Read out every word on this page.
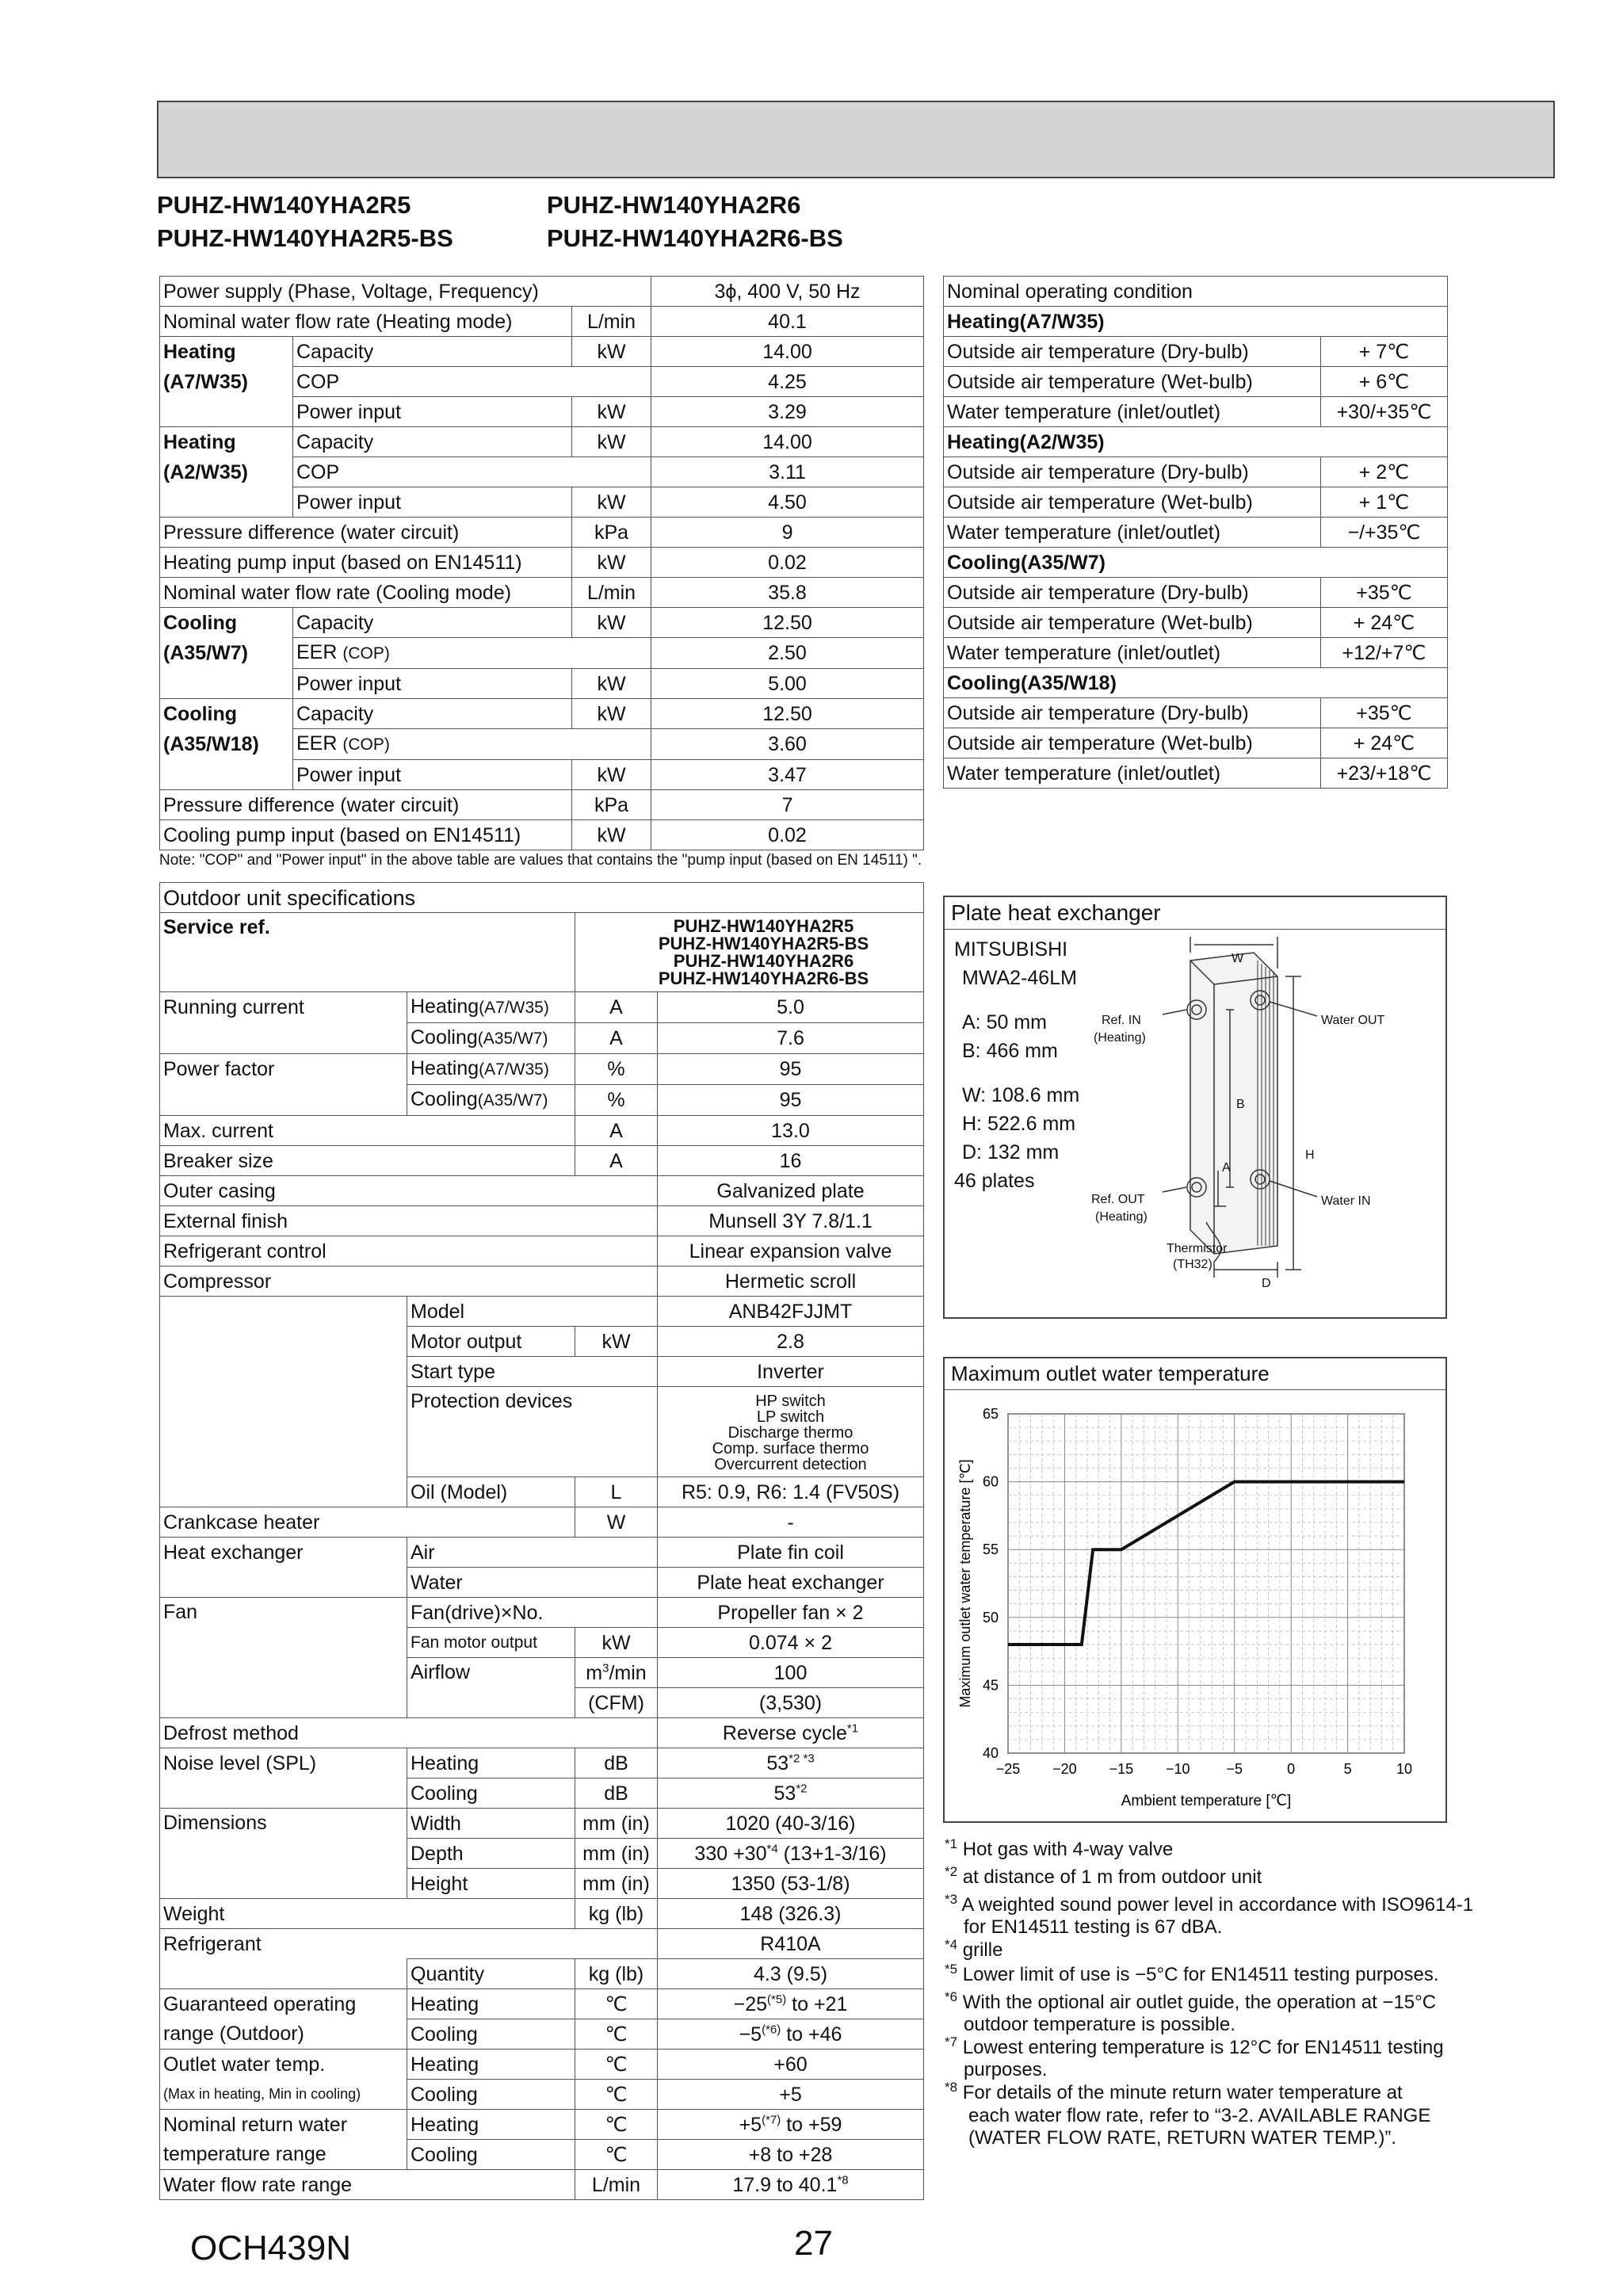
PUHZ-HW140YHA2R5
PUHZ-HW140YHA2R5-BS
PUHZ-HW140YHA2R6
PUHZ-HW140YHA2R6-BS
Power supply (Phase, Voltage, Frequency)			3ϕ, 400 V, 50 Hz
Nominal water flow rate (Heating mode)		L/min	40.1
Heating	Capacity	kW	14.00
(A7/W35)	COP		4.25
	Power input	kW	3.29
Heating	Capacity	kW	14.00
(A2/W35)	COP		3.11
	Power input	kW	4.50
Pressure difference (water circuit)		kPa	9
Heating pump input (based on EN14511)		kW	0.02
Nominal water flow rate (Cooling mode)		L/min	35.8
Cooling	Capacity	kW	12.50
(A35/W7)	EER (COP)		2.50
	Power input	kW	5.00
Cooling	Capacity	kW	12.50
(A35/W18)	EER (COP)		3.60
	Power input	kW	3.47
Pressure difference (water circuit)		kPa	7
Cooling pump input (based on EN14511)		kW	0.02
Note: "COP" and "Power input" in the above table are values that contains the "pump input (based on EN 14511) ".
Nominal operating condition	
Heating(A7/W35)	
Outside air temperature (Dry-bulb)	+ 7℃
Outside air temperature (Wet-bulb)	+ 6℃
Water temperature (inlet/outlet)	+30/+35℃
Heating(A2/W35)	
Outside air temperature (Dry-bulb)	+ 2℃
Outside air temperature (Wet-bulb)	+ 1℃
Water temperature (inlet/outlet)	−/+35℃
Cooling(A35/W7)	
Outside air temperature (Dry-bulb)	+35℃
Outside air temperature (Wet-bulb)	+ 24℃
Water temperature (inlet/outlet)	+12/+7℃
Cooling(A35/W18)	
Outside air temperature (Dry-bulb)	+35℃
Outside air temperature (Wet-bulb)	+ 24℃
Water temperature (inlet/outlet)	+23/+18℃
Outdoor unit specifications			
Service ref.		PUHZ-HW140YHA2R5
PUHZ-HW140YHA2R5-BS
PUHZ-HW140YHA2R6
PUHZ-HW140YHA2R6-BS	

Running current	Heating(A7/W35)	A	5.0
	Cooling(A35/W7)	A	7.6
Power factor	Heating(A7/W35)	%	95
	Cooling(A35/W7)	%	95
Max. current		A	13.0
Breaker size		A	16
Outer casing			Galvanized plate
External finish			Munsell 3Y 7.8/1.1
Refrigerant control			Linear expansion valve
Compressor			Hermetic scroll
	Model		ANB42FJJMT
	Motor output	kW	2.8
	Start type		Inverter
	Protection devices		HP switch
LP switch
Discharge thermo
Comp. surface thermo
Overcurrent detection

	Oil (Model)	L	R5: 0.9, R6: 1.4 (FV50S)
Crankcase heater		W	-
Heat exchanger	Air		Plate fin coil
	Water		Plate heat exchanger
Fan	Fan(drive)×No.		Propeller fan × 2
	Fan motor output	kW	0.074 × 2
	Airflow	$m^3/\min$	100
		(CFM)	(3,530)
Defrost method			Reverse cycle$^{*1}$
Noise level (SPL)	Heating	dB	$53^{*2 *3}$
	Cooling	dB	53$^{*2}$
Dimensions	Width	mm (in)	1020 (40-3/16)
	Depth	mm (in)	$330 +30^{*4}$ (13+1-3/16)
	Height	mm (in)	1350 (53-1/8)
Weight		kg (lb)	148 (326.3)
Refrigerant			R410A
	Quantity	kg (lb)	4.3 (9.5)
Guaranteed operating	Heating	℃	$-25^{(*5)}$ to +21
range (Outdoor)	Cooling	℃	$-5^{(*6)}$ to +46
Outlet water temp.	Heating	℃	+60
(Max in heating, Min in cooling)	Cooling	℃	+5
Nominal return water	Heating	℃	$+5^{(*7)}$ to +59
temperature range	Cooling	℃	+8 to +28
Water flow rate range		L/min	17.9 to 40.1$^{*8}$
Plate heat exchanger
MITSUBISHI
MWA2-46LM
A: 50 mm
B: 466 mm
W: 108.6 mm
H: 522.6 mm
D: 132 mm
46 plates
W
B
A
H
D
Ref. IN
(Heating)
Ref. OUT
(Heating)
Water OUT
Water IN
Thermistor
(TH32)
Maximum outlet water temperature
−25 −20 −15 −10	−5	0	5	10
40
45
50
55
60
65
Ambient temperature [℃]
Maximum outlet water temperature [℃]
$^{*1}$ Hot gas with 4-way valve
$^{*2}$ at distance of 1 m from outdoor unit
$^{*3}$ A weighted sound power level in accordance with ISO9614-1
for EN14511 testing is 67 dBA.
$^{*4}$ grille
$^{*5}$ Lower limit of use is −5°C for EN14511 testing purposes.
$^{*6}$ With the optional air outlet guide, the operation at −15°C
outdoor temperature is possible.
$^{*7}$ Lowest entering temperature is 12°C for EN14511 testing
purposes.
$^{*8}$ For details of the minute return water temperature at
each water flow rate, refer to “3-2. AVAILABLE RANGE
(WATER FLOW RATE, RETURN WATER TEMP.)”.
OCH439N	27
